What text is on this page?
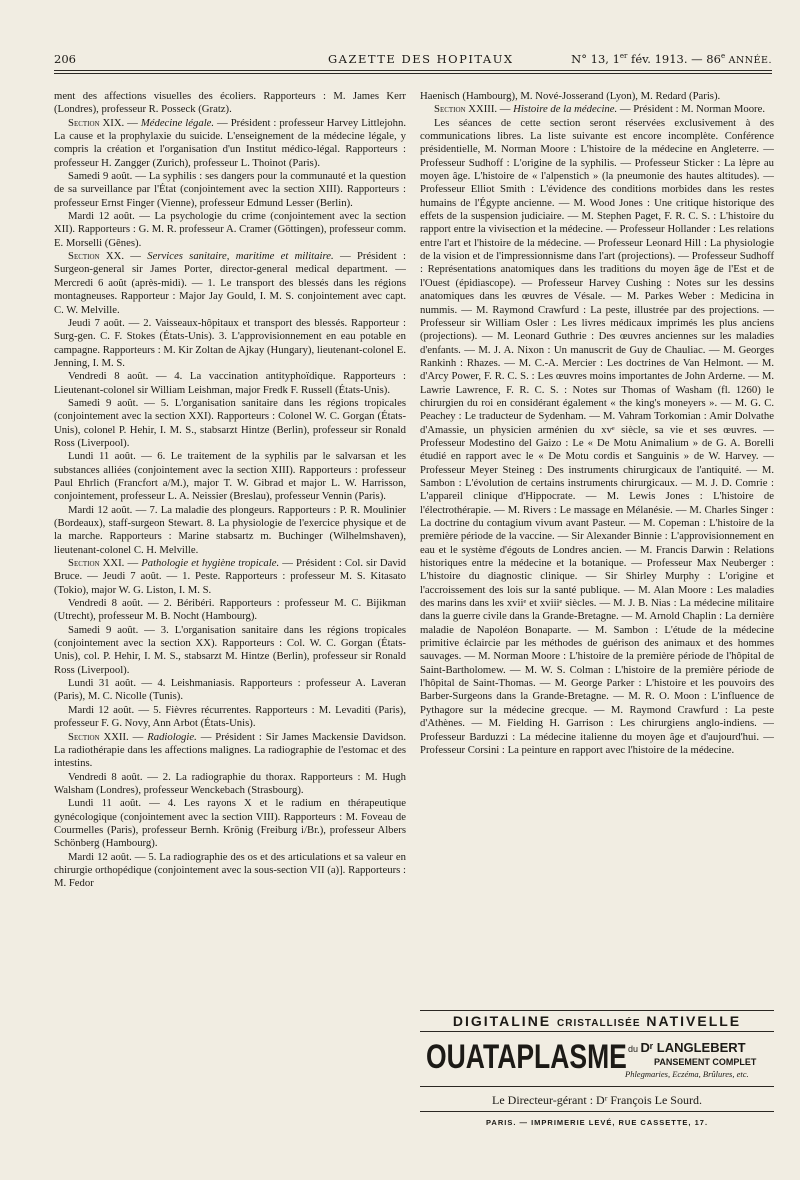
206	GAZETTE DES HOPITAUX	N° 13, 1er fév. 1913. — 86e ANNÉE.

ment des affections visuelles des écoliers. Rapporteurs : M. James Kerr (Londres), professeur R. Posseck (Gratz).

Section XIX. — Médecine légale. — Président : professeur Harvey Littlejohn. La cause et la prophylaxie du suicide. L'enseignement de la médecine légale, y compris la création et l'organisation d'un Institut médico-légal. Rapporteurs : professeur H. Zangger (Zurich), professeur L. Thoinot (Paris).

Samedi 9 août. — La syphilis : ses dangers pour la communauté et la question de sa surveillance par l'État (conjointement avec la section XIII). Rapporteurs : professeur Ernst Finger (Vienne), professeur Edmund Lesser (Berlin).

Mardi 12 août. — La psychologie du crime (conjointement avec la section XII). Rapporteurs : G. M. R. professeur A. Cramer (Göttingen), professeur comm. E. Morselli (Gênes).

Section XX. — Services sanitaire, maritime et militaire. — Président : Surgeon-general sir James Porter, director-general medical department. — Mercredi 6 août (après-midi). — 1. Le transport des blessés dans les régions montagneuses. Rapporteur : Major Jay Gould, I. M. S. conjointement avec capt. C. W. Melville.

Jeudi 7 août. — 2. Vaisseaux-hôpitaux et transport des blessés. Rapporteur : Surg-gen. C. F. Stokes (États-Unis). 3. L'approvisionnement en eau potable en campagne. Rapporteurs : M. Kir Zoltan de Ajkay (Hungary), lieutenant-colonel E. Jenning, I. M. S.

Vendredi 8 août. — 4. La vaccination antityphoïdique. Rapporteurs : Lieutenant-colonel sir William Leishman, major Fredk F. Russell (États-Unis).

Samedi 9 août. — 5. L'organisation sanitaire dans les régions tropicales (conjointement avec la section XXI). Rapporteurs : Colonel W. C. Gorgan (États-Unis), colonel P. Hehir, I. M. S., stabsarzt Hintze (Berlin), professeur sir Ronald Ross (Liverpool).

Lundi 11 août. — 6. Le traitement de la syphilis par le salvarsan et les substances alliées (conjointement avec la section XIII). Rapporteurs : professeur Paul Ehrlich (Francfort a/M.), major T. W. Gibrad et major L. W. Harrisson, conjointement, professeur L. A. Neissier (Breslau), professeur Vennin (Paris).

Mardi 12 août. — 7. La maladie des plongeurs. Rapporteurs : P. R. Moulinier (Bordeaux), staff-surgeon Stewart. 8. La physiologie de l'exercice physique et de la marche. Rapporteurs : Marine stabsartz m. Buchinger (Wilhelmshaven), lieutenant-colonel C. H. Melville.

Section XXI. — Pathologie et hygiène tropicale. — Président : Col. sir David Bruce. — Jeudi 7 août. — 1. Peste. Rapporteurs : professeur M. S. Kitasato (Tokio), major W. G. Liston, I. M. S.

Vendredi 8 août. — 2. Béribéri. Rapporteurs : professeur M. C. Bijikman (Utrecht), professeur M. B. Nocht (Hambourg).

Samedi 9 août. — 3. L'organisation sanitaire dans les régions tropicales (conjointement avec la section XX). Rapporteurs : Col. W. C. Gorgan (États-Unis), col. P. Hehir, I. M. S., stabsarzt M. Hintze (Berlin), professeur sir Ronald Ross (Liverpool).

Lundi 31 août. — 4. Leishmaniasis. Rapporteurs : professeur A. Laveran (Paris), M. C. Nicolle (Tunis).

Mardi 12 août. — 5. Fièvres récurrentes. Rapporteurs : M. Levaditi (Paris), professeur F. G. Novy, Ann Arbot (États-Unis).

Section XXII. — Radiologie. — Président : Sir James Mackensie Davidson. La radiothérapie dans les affections malignes. La radiographie de l'estomac et des intestins.

Vendredi 8 août. — 2. La radiographie du thorax. Rapporteurs : M. Hugh Walsham (Londres), professeur Wenckebach (Strasbourg).

Lundi 11 août. — 4. Les rayons X et le radium en thérapeutique gynécologique (conjointement avec la section VIII). Rapporteurs : M. Foveau de Courmelles (Paris), professeur Bernh. Krönig (Freiburg i/Br.), professeur Albers Schönberg (Hambourg).

Mardi 12 août. — 5. La radiographie des os et des articulations et sa valeur en chirurgie orthopédique (conjointement avec la sous-section VII (a)]. Rapporteurs : M. Fedor

Haenisch (Hambourg), M. Nové-Josserand (Lyon), M. Redard (Paris).

Section XXIII. — Histoire de la médecine. — Président : M. Norman Moore.

Les séances de cette section seront réservées exclusivement à des communications libres. La liste suivante est encore incomplète. Conférence présidentielle, M. Norman Moore : L'histoire de la médecine en Angleterre. — Professeur Sudhoff : L'origine de la syphilis. — Professeur Sticker : La lèpre au moyen âge. L'histoire de « l'alpenstich » (la pneumonie des hautes altitudes). — Professeur Elliot Smith : L'évidence des conditions morbides dans les restes humains de l'Égypte ancienne. — M. Wood Jones : Une critique historique des effets de la suspension judiciaire. — M. Stephen Paget, F. R. C. S. : L'histoire du rapport entre la vivisection et la médecine. — Professeur Hollander : Les relations entre l'art et l'histoire de la médecine. — Professeur Leonard Hill : La physiologie de la vision et de l'impressionnisme dans l'art (projections). — Professeur Sudhoff : Représentations anatomiques dans les traditions du moyen âge de l'Est et de l'Ouest (épidiascope). — Professeur Harvey Cushing : Notes sur les dessins anatomiques dans les œuvres de Vésale. — M. Parkes Weber : Medicina in nummis. — M. Raymond Crawfurd : La peste, illustrée par des projections. — Professeur sir William Osler : Les livres médicaux imprimés les plus anciens (projections). — M. Leonard Guthrie : Des œuvres anciennes sur les maladies d'enfants. — M. J. A. Nixon : Un manuscrit de Guy de Chauliac. — M. Georges Rankinh : Rhazes. — M. C.-A. Mercier : Les doctrines de Van Helmont. — M. d'Arcy Power, F. R. C. S. : Les œuvres moins importantes de John Arderne. — M. Lawrie Lawrence, F. R. C. S. : Notes sur Thomas of Washam (fl. 1260) le chirurgien du roi en considérant également « the king's moneyers ». — M. G. C. Peachey : Le traducteur de Sydenham. — M. Vahram Torkomian : Amir Dolvathe d'Amassie, un physicien arménien du xvᵉ siècle, sa vie et ses œuvres. — Professeur Modestino del Gaizo : Le « De Motu Animalium » de G. A. Borelli étudié en rapport avec le « De Motu cordis et Sanguinis » de W. Harvey. — Professeur Meyer Steineg : Des instruments chirurgicaux de l'antiquité. — M. Sambon : L'évolution de certains instruments chirurgicaux. — M. J. D. Comrie : L'appareil clinique d'Hippocrate. — M. Lewis Jones : L'histoire de l'électrothérapie. — M. Rivers : Le massage en Mélanésie. — M. Charles Singer : La doctrine du contagium vivum avant Pasteur. — M. Copeman : L'histoire de la première période de la vaccine. — Sir Alexander Binnie : L'approvisionnement en eau et le système d'égouts de Londres ancien. — M. Francis Darwin : Relations historiques entre la médecine et la botanique. — Professeur Max Neuberger : L'histoire du diagnostic clinique. — Sir Shirley Murphy : L'origine et l'accroissement des lois sur la santé publique. — M. Alan Moore : Les maladies des marins dans les xviiᵉ et xviiiᵉ siècles. — M. J. B. Nias : La médecine militaire dans la guerre civile dans la Grande-Bretagne. — M. Arnold Chaplin : La dernière maladie de Napoléon Bonaparte. — M. Sambon : L'étude de la médecine primitive éclaircie par les méthodes de guérison des animaux et des hommes sauvages. — M. Norman Moore : L'histoire de la première période de l'hôpital de Saint-Bartholomew. — M. W. S. Colman : L'histoire de la première période de l'hôpital de Saint-Thomas. — M. George Parker : L'histoire et les pouvoirs des Barber-Surgeons dans la Grande-Bretagne. — M. R. O. Moon : L'influence de Pythagore sur la médecine grecque. — M. Raymond Crawfurd : La peste d'Athènes. — M. Fielding H. Garrison : Les chirurgiens anglo-indiens. — Professeur Barduzzi : La médecine italienne du moyen âge et d'aujourd'hui. — Professeur Corsini : La peinture en rapport avec l'histoire de la médecine.

DIGITALINE CRISTALLISÉE NATIVELLE
OUATAPLASME du Dʳ LANGLEBERT
PANSEMENT COMPLET
Phlegmaries, Eczéma, Brûlures, etc.
Le Directeur-gérant : Dʳ François Le Sourd.
PARIS. — IMPRIMERIE LEVÉ, RUE CASSETTE, 17.
